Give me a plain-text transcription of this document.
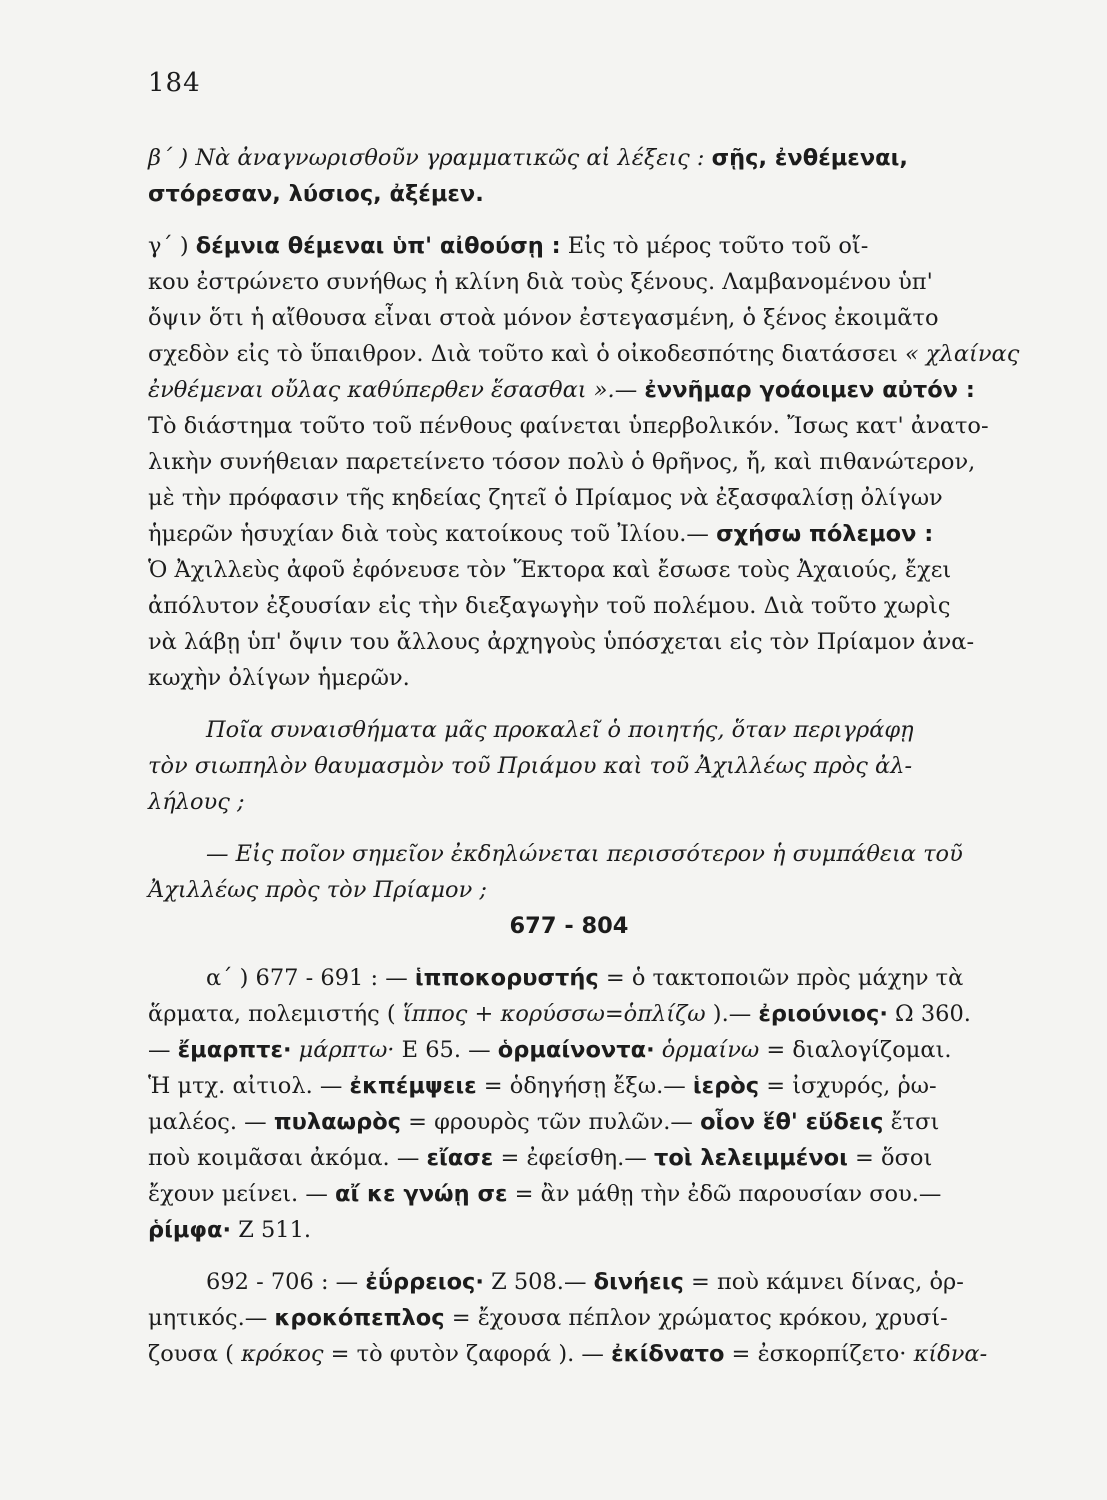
184
β΄ ) Νὰ ἀναγνωρισθοῦν γραμματικῶς αἱ λέξεις : σῇς, ἐνθέμεναι,
στόρεσαν, λύσιος, ἀξέμεν.
γ΄ ) δέμνια θέμεναι ὑπ' αἰθούσῃ : Εἰς τὸ μέρος τοῦτο τοῦ οἴ-
κου ἐστρώνετο συνήθως ἡ κλίνη διὰ τοὺς ξένους. Λαμβανομένου ὑπ'
ὄψιν ὅτι ἡ αἴθουσα εἶναι στοὰ μόνον ἐστεγασμένη, ὁ ξένος ἐκοιμᾶτο
σχεδὸν εἰς τὸ ὕπαιθρον. Διὰ τοῦτο καὶ ὁ οἰκοδεσπότης διατάσσει « χλαίνας
ἐνθέμεναι οὔλας καθύπερθεν ἕσασθαι ».— ἐννῆμαρ γοάοιμεν αὐτόν :
Τὸ διάστημα τοῦτο τοῦ πένθους φαίνεται ὑπερβολικόν. Ἴσως κατ' ἀνατο-
λικὴν συνήθειαν παρετείνετο τόσον πολὺ ὁ θρῆνος, ἤ, καὶ πιθανώτερον,
μὲ τὴν πρόφασιν τῆς κηδείας ζητεῖ ὁ Πρίαμος νὰ ἐξασφαλίσῃ ὀλίγων
ἡμερῶν ἡσυχίαν διὰ τοὺς κατοίκους τοῦ Ἰλίου.— σχήσω πόλεμον :
Ὁ Ἀχιλλεὺς ἀφοῦ ἐφόνευσε τὸν Ἕκτορα καὶ ἔσωσε τοὺς Ἀχαιούς, ἔχει
ἀπόλυτον ἐξουσίαν εἰς τὴν διεξαγωγὴν τοῦ πολέμου. Διὰ τοῦτο χωρὶς
νὰ λάβῃ ὑπ' ὄψιν του ἄλλους ἀρχηγοὺς ὑπόσχεται εἰς τὸν Πρίαμον ἀνα-
κωχὴν ὀλίγων ἡμερῶν.
Ποῖα συναισθήματα μᾶς προκαλεῖ ὁ ποιητής, ὅταν περιγράφῃ
τὸν σιωπηλὸν θαυμασμὸν τοῦ Πριάμου καὶ τοῦ Ἀχιλλέως πρὸς ἀλ-
λήλους ;
— Εἰς ποῖον σημεῖον ἐκδηλώνεται περισσότερον ἡ συμπάθεια τοῦ
Ἀχιλλέως πρὸς τὸν Πρίαμον ;
677 - 804
α΄ ) 677 - 691 : — ἱπποκορυστής = ὁ τακτοποιῶν πρὸς μάχην τὰ
ἅρματα, πολεμιστής ( ἵππος + κορύσσω=ὁπλίζω ).— ἐριούνιος· Ω 360.
— ἔμαρπτε· μάρπτω· Ε 65. — ὁρμαίνοντα· ὁρμαίνω = διαλογίζομαι.
Ἡ μτχ. αἰτιολ. — ἐκπέμψειε = ὁδηγήσῃ ἔξω.— ἱερὸς = ἰσχυρός, ῥω-
μαλέος. — πυλαωρὸς = φρουρὸς τῶν πυλῶν.— οἷον ἕθ' εὕδεις ἔτσι
ποὺ κοιμᾶσαι ἀκόμα. — εἴασε = ἐφείσθη.— τοὶ λελειμμένοι = ὅσοι
ἔχουν μείνει. — αἴ κε γνώῃ σε = ἂν μάθῃ τὴν ἐδῶ παρουσίαν σου.—
ῥίμφα· Ζ 511.
692 - 706 : — ἐΰρρειος· Ζ 508.— δινήεις = ποὺ κάμνει δίνας, ὁρ-
μητικός.— κροκόπεπλος = ἔχουσα πέπλον χρώματος κρόκου, χρυσί-
ζουσα ( κρόκος = τὸ φυτὸν ζαφορά ). — ἐκίδνατο = ἐσκορπίζετο· κίδνα-
